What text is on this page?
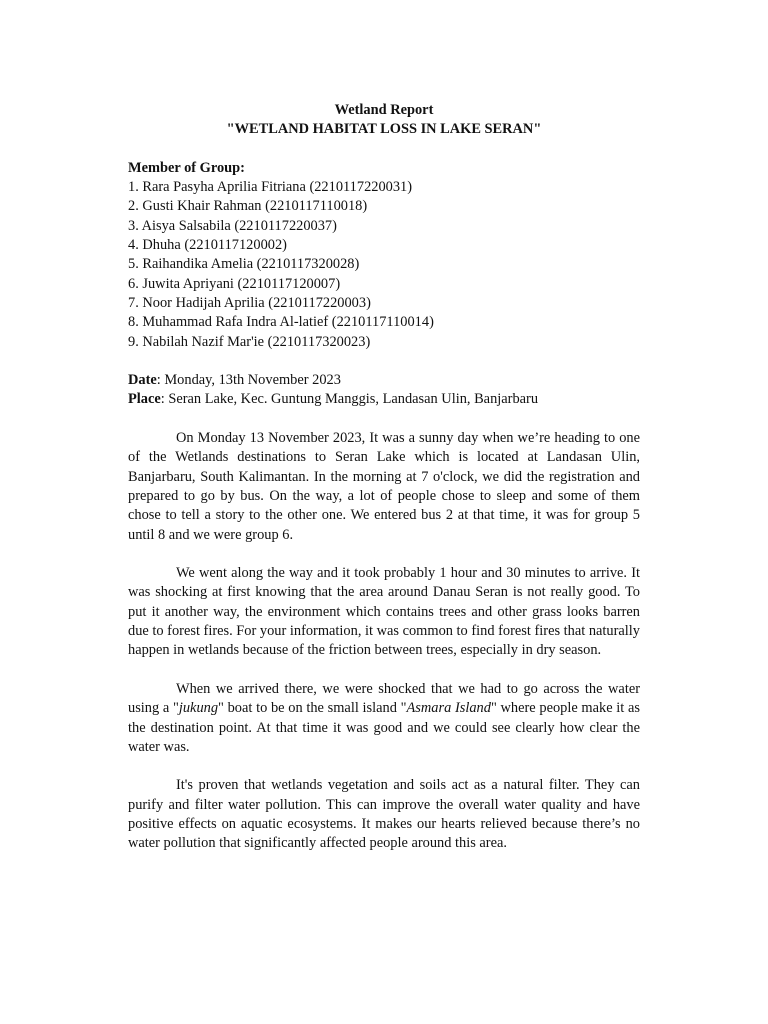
Wetland Report

"WETLAND HABITAT LOSS IN LAKE SERAN"

Member of Group:

1. Rara Pasyha Aprilia Fitriana (2210117220031)
2. Gusti Khair Rahman (2210117110018)
3. Aisya Salsabila (2210117220037)
4. Dhuha (2210117120002)
5. Raihandika Amelia (2210117320028)
6. Juwita Apriyani (2210117120007)
7. Noor Hadijah Aprilia (2210117220003)
8. Muhammad Rafa Indra Al-latief (2210117110014)
9. Nabilah Nazif Mar'ie (2210117320023)

Date: Monday, 13th November 2023

Place: Seran Lake, Kec. Guntung Manggis, Landasan Ulin, Banjarbaru

On Monday 13 November 2023, It was a sunny day when we’re heading to one of the Wetlands destinations to Seran Lake which is located at Landasan Ulin, Banjarbaru, South Kalimantan. In the morning at 7 o'clock, we did the registration and prepared to go by bus. On the way, a lot of people chose to sleep and some of them chose to tell a story to the other one. We entered bus 2 at that time, it was for group 5 until 8 and we were group 6.

We went along the way and it took probably 1 hour and 30 minutes to arrive. It was shocking at first knowing that the area around Danau Seran is not really good. To put it another way, the environment which contains trees and other grass looks barren due to forest fires. For your information, it was common to find forest fires that naturally happen in wetlands because of the friction between trees, especially in dry season.

When we arrived there, we were shocked that we had to go across the water using a "jukung" boat to be on the small island "Asmara Island" where people make it as the destination point. At that time it was good and we could see clearly how clear the water was.

It's proven that wetlands vegetation and soils act as a natural filter. They can purify and filter water pollution. This can improve the overall water quality and have positive effects on aquatic ecosystems. It makes our hearts relieved because there’s no water pollution that significantly affected people around this area.
